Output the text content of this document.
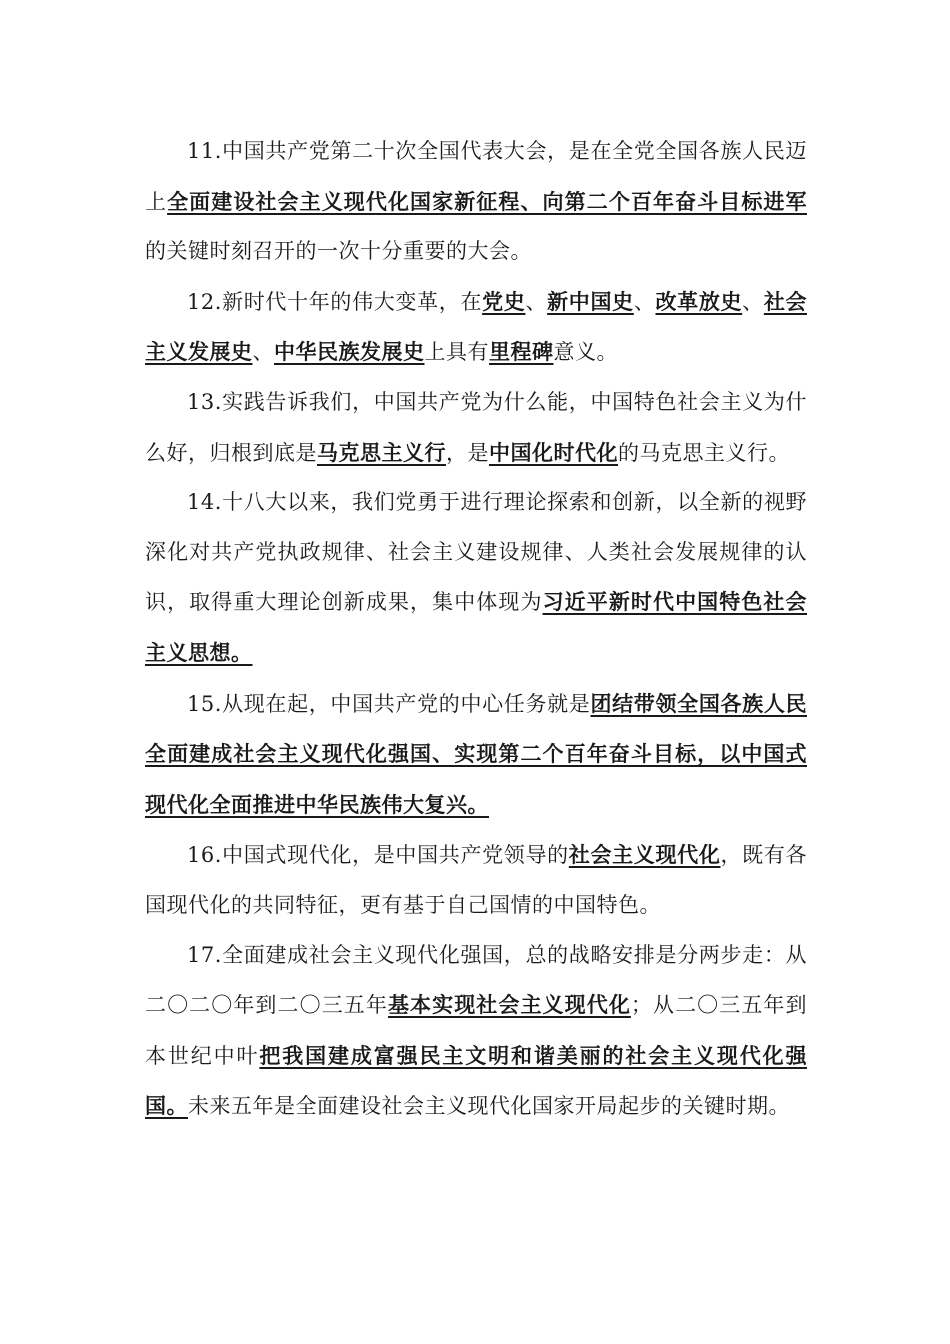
11.中国共产党第二十次全国代表大会，是在全党全国各族人民迈上全面建设社会主义现代化国家新征程、向第二个百年奋斗目标进军的关键时刻召开的一次十分重要的大会。

12.新时代十年的伟大变革，在党史、新中国史、改革放史、社会主义发展史、中华民族发展史上具有里程碑意义。

13.实践告诉我们，中国共产党为什么能，中国特色社会主义为什么好，归根到底是马克思主义行，是中国化时代化的马克思主义行。

14.十八大以来，我们党勇于进行理论探索和创新，以全新的视野深化对共产党执政规律、社会主义建设规律、人类社会发展规律的认识，取得重大理论创新成果，集中体现为习近平新时代中国特色社会主义思想。

15.从现在起，中国共产党的中心任务就是团结带领全国各族人民全面建成社会主义现代化强国、实现第二个百年奋斗目标，以中国式现代化全面推进中华民族伟大复兴。

16.中国式现代化，是中国共产党领导的社会主义现代化，既有各国现代化的共同特征，更有基于自己国情的中国特色。

17.全面建成社会主义现代化强国，总的战略安排是分两步走：从二〇二〇年到二〇三五年基本实现社会主义现代化；从二〇三五年到本世纪中叶把我国建成富强民主文明和谐美丽的社会主义现代化强国。未来五年是全面建设社会主义现代化国家开局起步的关键时期。
